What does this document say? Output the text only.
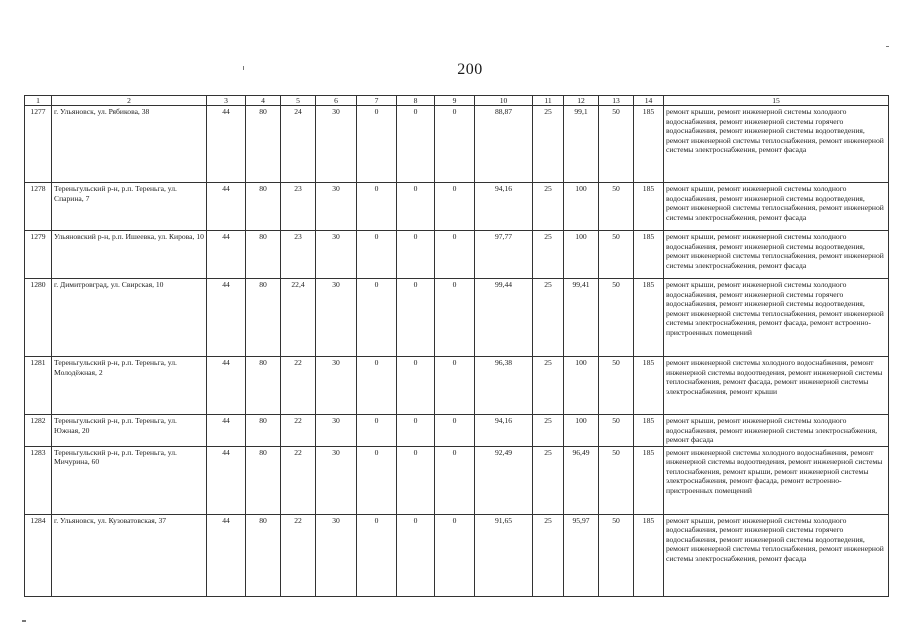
200
1	2	3	4	5	6	7	8	9	10	11	12	13	14	15
1277	г. Ульяновск, ул. Рябикова, 38	44	80	24	30	0	0	0	88,87	25	99,1	50	185	ремонт крыши, ремонт инженерной системы холодного водоснабжения, ремонт инженерной системы горячего водоснабжения, ремонт инженерной системы водоотведения, ремонт инженерной системы теплоснабжения, ремонт инженерной системы электроснабжения, ремонт фасада
1278	Тереньгульский р-н, р.п. Тереньга, ул. Спарина, 7	44	80	23	30	0	0	0	94,16	25	100	50	185	ремонт крыши, ремонт инженерной системы холодного водоснабжения, ремонт инженерной системы водоотведения, ремонт инженерной системы теплоснабжения, ремонт инженерной системы электроснабжения, ремонт фасада
1279	Ульяновский р-н, р.п. Ишеевка, ул. Кирова, 10	44	80	23	30	0	0	0	97,77	25	100	50	185	ремонт крыши, ремонт инженерной системы холодного водоснабжения, ремонт инженерной системы водоотведения, ремонт инженерной системы теплоснабжения, ремонт инженерной системы электроснабжения, ремонт фасада
1280	г. Димитровград, ул. Свирская, 10	44	80	22,4	30	0	0	0	99,44	25	99,41	50	185	ремонт крыши, ремонт инженерной системы холодного водоснабжения, ремонт инженерной системы горячего водоснабжения, ремонт инженерной системы водоотведения, ремонт инженерной системы теплоснабжения, ремонт инженерной системы электроснабжения, ремонт фасада, ремонт встроенно-пристроенных помещений
1281	Тереньгульский р-н, р.п. Тереньга, ул. Молодёжная, 2	44	80	22	30	0	0	0	96,38	25	100	50	185	ремонт инженерной системы холодного водоснабжения, ремонт инженерной системы водоотведения, ремонт инженерной системы теплоснабжения, ремонт фасада, ремонт инженерной системы электроснабжения, ремонт крыши
1282	Тереньгульский р-н, р.п. Тереньга, ул. Южная, 20	44	80	22	30	0	0	0	94,16	25	100	50	185	ремонт крыши, ремонт инженерной системы холодного водоснабжения, ремонт инженерной системы электроснабжения, ремонт фасада
1283	Тереньгульский р-н, р.п. Тереньга, ул. Мичурина, 60	44	80	22	30	0	0	0	92,49	25	96,49	50	185	ремонт инженерной системы холодного водоснабжения, ремонт инженерной системы водоотведения, ремонт инженерной системы теплоснабжения, ремонт крыши, ремонт инженерной системы электроснабжения, ремонт фасада, ремонт встроенно-пристроенных помещений
1284	г. Ульяновск, ул. Кузоватовская, 37	44	80	22	30	0	0	0	91,65	25	95,97	50	185	ремонт крыши, ремонт инженерной системы холодного водоснабжения, ремонт инженерной системы горячего водоснабжения, ремонт инженерной системы водоотведения, ремонт инженерной системы теплоснабжения, ремонт инженерной системы электроснабжения, ремонт фасада
